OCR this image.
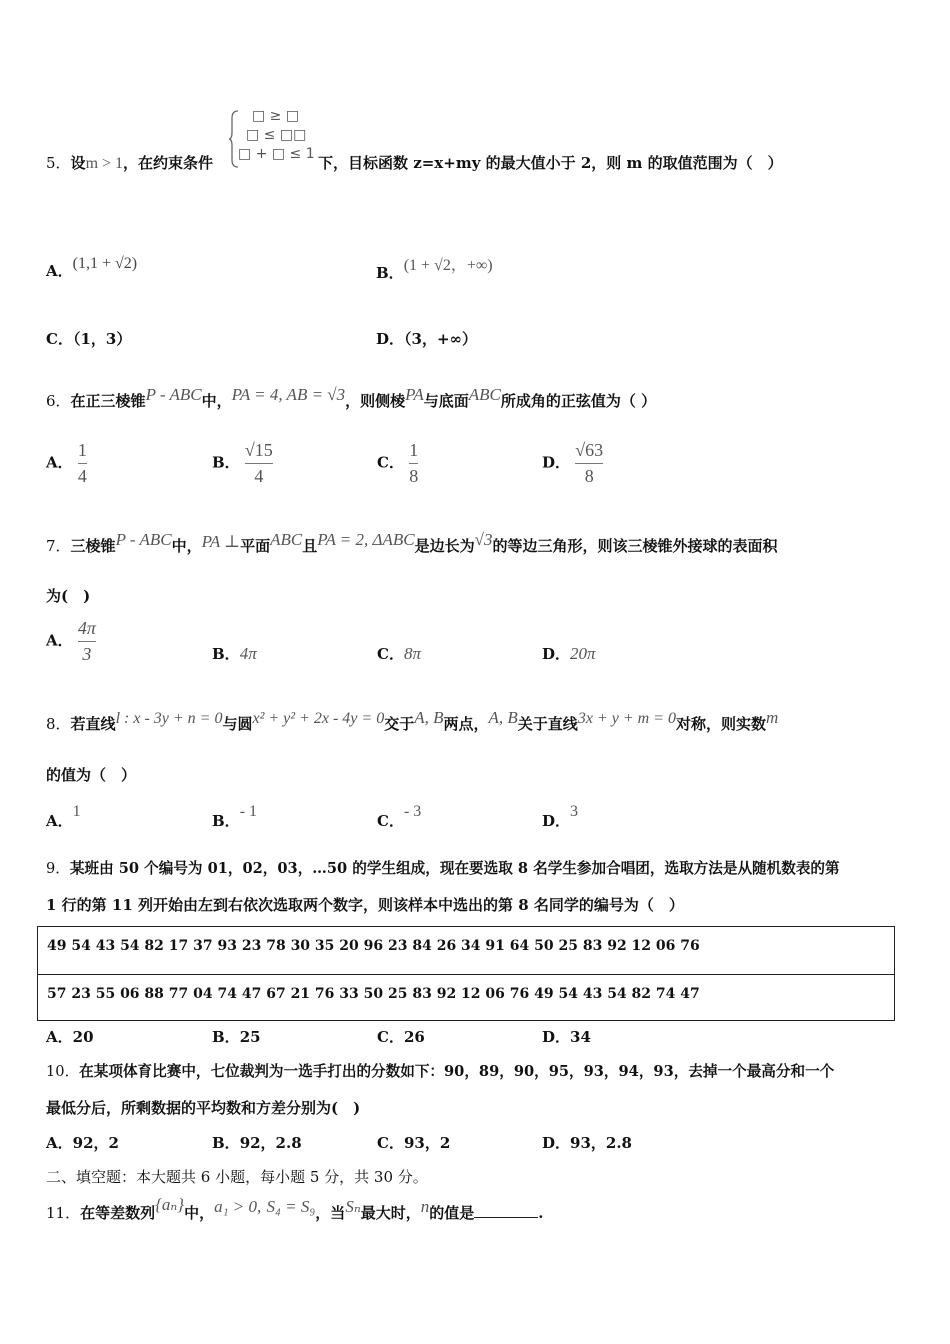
5．设m > 1，在约束条件
□ ≥ □
□ ≤ □□
□ + □ ≤ 1 下，目标函数 z=x+my 的最大值小于 2，则 m 的取值范围为（　）
A．(1,1 + √2)
B．(1 + √2，+∞)
C．（1，3）	D．（3，+∞）
6．在正三棱锥P - ABC中，PA = 4, AB = √3，则侧棱PA与底面ABC所成角的正弦值为（ ）
A． $\frac{1}{4}$	B． $\frac{√15}{4}$	C． $\frac{1}{8}$	D． $\frac{√63}{8}$
7．三棱锥P - ABC中，PA ⊥平面ABC且PA = 2, ΔABC是边长为√3的等边三角形，则该三棱锥外接球的表面积
为(　)
A． $\frac{4\pi}{3}$	B．4π	C．8π	D．20π
8．若直线l : x - 3y + n = 0与圆x² + y² + 2x - 4y = 0交于A, B两点，A, B关于直线3x + y + m = 0对称，则实数m
的值为（　）
A．1
B．- 1
C．- 3
D．3
9．某班由 50 个编号为 01，02，03，…50 的学生组成，现在要选取 8 名学生参加合唱团，选取方法是从随机数表的第
1 行的第 11 列开始由左到右依次选取两个数字，则该样本中选出的第 8 名同学的编号为（　）
49 54 43 54 82 17 37 93 23 78 30 35 20 96 23 84 26 34 91 64 50 25 83 92 12 06 76
57 23 55 06 88 77 04 74 47 67 21 76 33 50 25 83 92 12 06 76 49 54 43 54 82 74 47
A．20	B．25	C．26	D．34
10．在某项体育比赛中，七位裁判为一选手打出的分数如下：90，89，90，95，93，94，93，去掉一个最高分和一个
最低分后，所剩数据的平均数和方差分别为(　)
A．92，2	B．92，2.8	C．93，2	D．93，2.8
二、填空题：本大题共 6 小题，每小题 5 分，共 30 分。
11．在等差数列{aₙ}中，a₁ > 0, S₄ = S₉，当Sₙ最大时，n的值是	.
